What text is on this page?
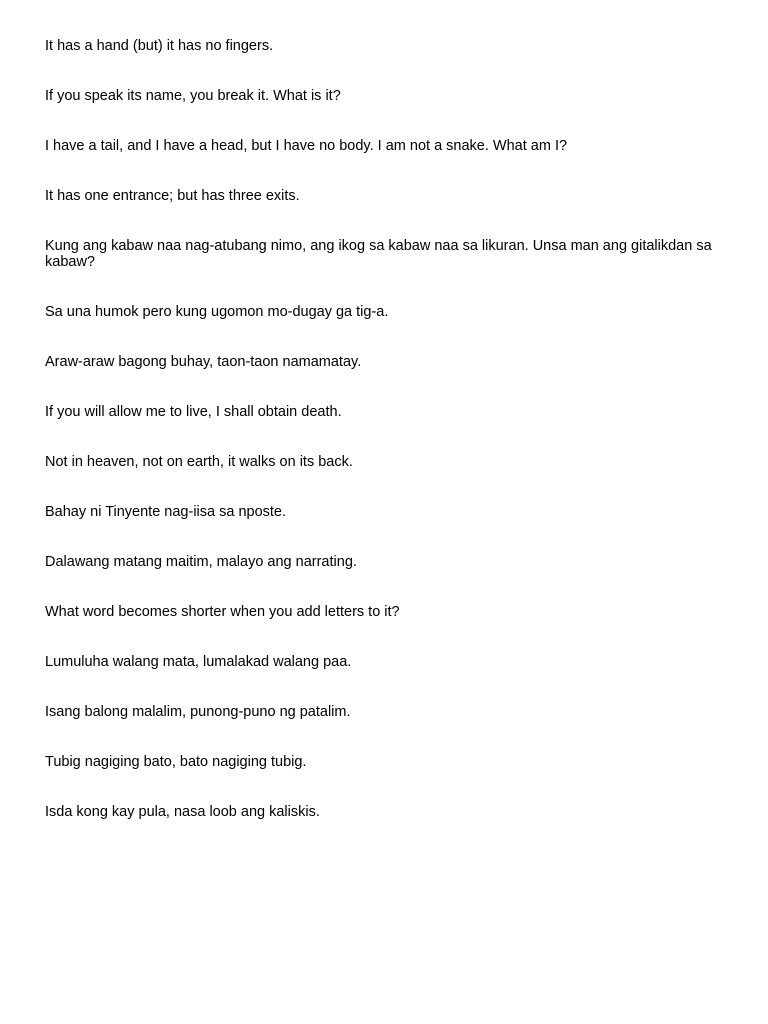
It has a hand (but) it has no fingers.
If you speak its name, you break it. What is it?
I have a tail, and I have a head, but I have no body. I am not a snake. What am I?
It has one entrance; but has three exits.
Kung ang kabaw naa nag-atubang nimo, ang ikog sa kabaw naa sa likuran. Unsa man ang gitalikdan sa kabaw?
Sa una humok pero kung ugomon mo-dugay ga tig-a.
Araw-araw bagong buhay, taon-taon namamatay.
If you will allow me to live, I shall obtain death.
Not in heaven, not on earth, it walks on its back.
Bahay ni Tinyente nag-iisa sa nposte.
Dalawang matang maitim, malayo ang narrating.
What word becomes shorter when you add letters to it?
Lumuluha walang mata, lumalakad walang paa.
Isang balong malalim, punong-puno ng patalim.
Tubig nagiging bato, bato nagiging tubig.
Isda kong kay pula, nasa loob ang kaliskis.
